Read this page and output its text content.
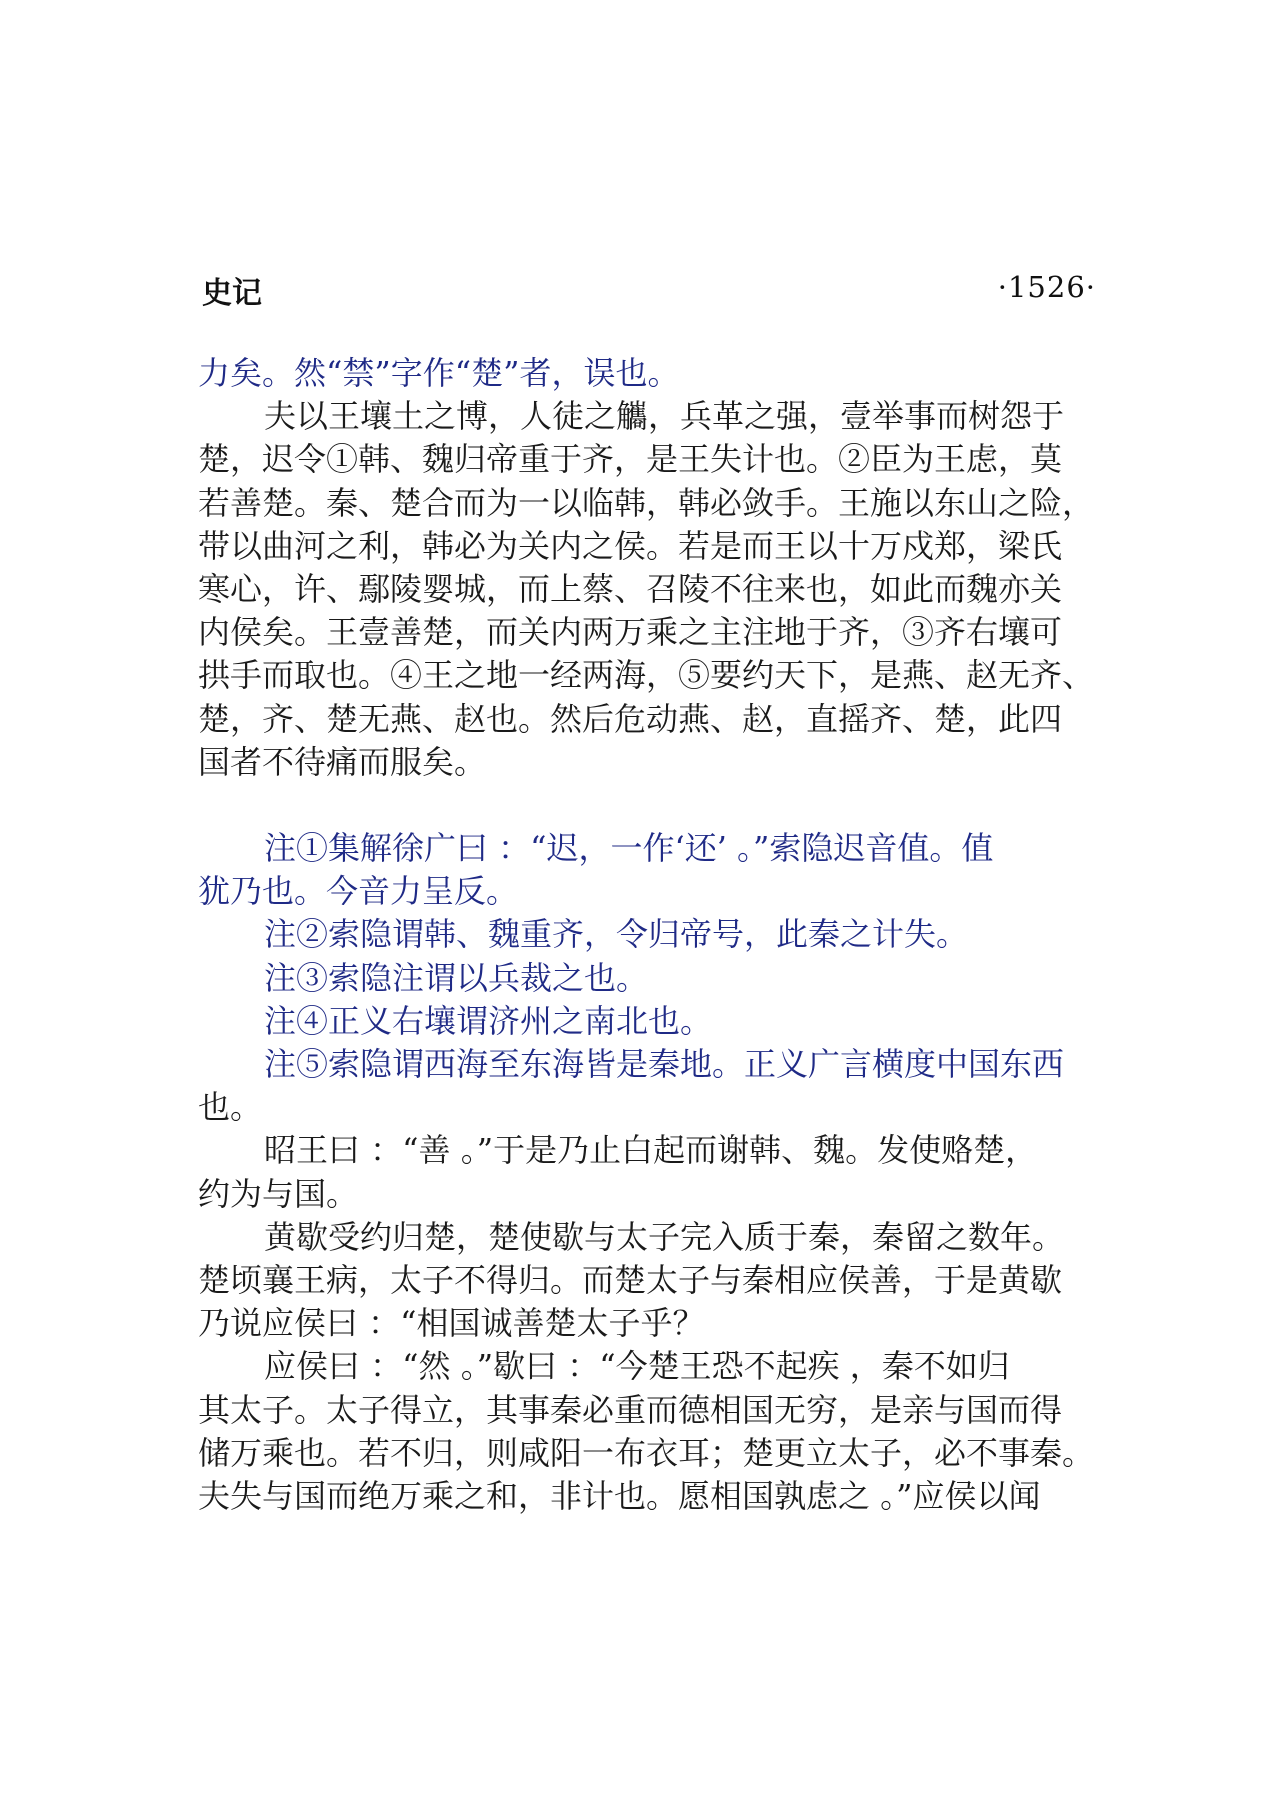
史记	·1526·
力矣。然“禁”字作“楚”者，误也。
夫以王壤土之博，人徒之觿，兵革之强，壹举事而树怨于
楚，迟令①韩、魏归帝重于齐，是王失计也。②臣为王虑，莫
若善楚。秦、楚合而为一以临韩，韩必敛手。王施以东山之险，
带以曲河之利，韩必为关内之侯。若是而王以十万戍郑，梁氏
寒心，许、鄢陵婴城，而上蔡、召陵不往来也，如此而魏亦关
内侯矣。王壹善楚，而关内两万乘之主注地于齐，③齐右壤可
拱手而取也。④王之地一经两海，⑤要约天下，是燕、赵无齐、
楚，齐、楚无燕、赵也。然后危动燕、赵，直摇齐、楚，此四
国者不待痛而服矣。
注①集解徐广曰 ：“迟，一作‘还’ 。”索隐迟音值。值
犹乃也。今音力呈反。
注②索隐谓韩、魏重齐，令归帝号，此秦之计失。
注③索隐注谓以兵裁之也。
注④正义右壤谓济州之南北也。
注⑤索隐谓西海至东海皆是秦地。正义广言横度中国东西
也。
昭王曰 ：“善 。”于是乃止白起而谢韩、魏。发使赂楚，
约为与国。
黄歇受约归楚，楚使歇与太子完入质于秦，秦留之数年。
楚顷襄王病，太子不得归。而楚太子与秦相应侯善，于是黄歇
乃说应侯曰 ：“相国诚善楚太子乎？
应侯曰 ：“然 。”歇曰 ：“今楚王恐不起疾 ，秦不如归
其太子。太子得立，其事秦必重而德相国无穷，是亲与国而得
储万乘也。若不归，则咸阳一布衣耳；楚更立太子，必不事秦。
夫失与国而绝万乘之和，非计也。愿相国孰虑之 。”应侯以闻
